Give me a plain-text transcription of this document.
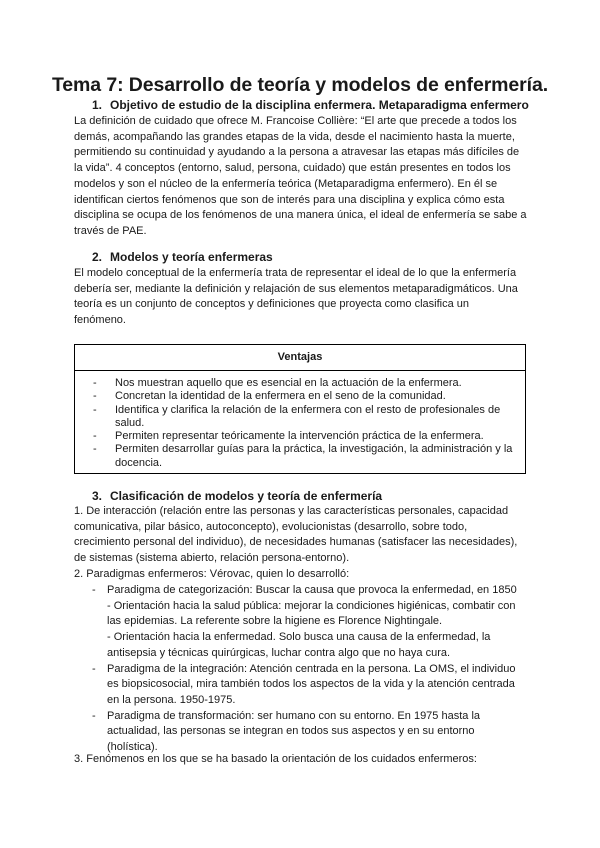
Tema 7: Desarrollo de teoría y modelos de enfermería.
1. Objetivo de estudio de la disciplina enfermera. Metaparadigma enfermero
La definición de cuidado que ofrece M. Francoise Collière: “El arte que precede a todos los
demás, acompañando las grandes etapas de la vida, desde el nacimiento hasta la muerte,
permitiendo su continuidad y ayudando a la persona a atravesar las etapas más difíciles de
la vida”. 4 conceptos (entorno, salud, persona, cuidado) que están presentes en todos los
modelos y son el núcleo de la enfermería teórica (Metaparadigma enfermero). En él se
identifican ciertos fenómenos que son de interés para una disciplina y explica cómo esta
disciplina se ocupa de los fenómenos de una manera única, el ideal de enfermería se sabe a
través de PAE.
2. Modelos y teoría enfermeras
El modelo conceptual de la enfermería trata de representar el ideal de lo que la enfermería
debería ser, mediante la definición y relajación de sus elementos metaparadigmáticos. Una
teoría es un conjunto de conceptos y definiciones que proyecta como clasifica un
fenómeno.
Ventajas
- Nos muestran aquello que es esencial en la actuación de la enfermera.
- Concretan la identidad de la enfermera en el seno de la comunidad.
- Identifica y clarifica la relación de la enfermera con el resto de profesionales de
salud.
- Permiten representar teóricamente la intervención práctica de la enfermera.
- Permiten desarrollar guías para la práctica, la investigación, la administración y la
docencia.
3. Clasificación de modelos y teoría de enfermería
1. De interacción (relación entre las personas y las características personales, capacidad
comunicativa, pilar básico, autoconcepto), evolucionistas (desarrollo, sobre todo,
crecimiento personal del individuo), de necesidades humanas (satisfacer las necesidades),
de sistemas (sistema abierto, relación persona-entorno).
2. Paradigmas enfermeros: Vérovac, quien lo desarrolló:
- Paradigma de categorización: Buscar la causa que provoca la enfermedad, en 1850
- Orientación hacia la salud pública: mejorar la condiciones higiénicas, combatir con
las epidemias. La referente sobre la higiene es Florence Nightingale.
- Orientación hacia la enfermedad. Solo busca una causa de la enfermedad, la
antisepsia y técnicas quirúrgicas, luchar contra algo que no haya cura.
- Paradigma de la integración: Atención centrada en la persona. La OMS, el individuo
es biopsicosocial, mira también todos los aspectos de la vida y la atención centrada
en la persona. 1950-1975.
- Paradigma de transformación: ser humano con su entorno. En 1975 hasta la
actualidad, las personas se integran en todos sus aspectos y en su entorno
(holística).
3. Fenómenos en los que se ha basado la orientación de los cuidados enfermeros:
